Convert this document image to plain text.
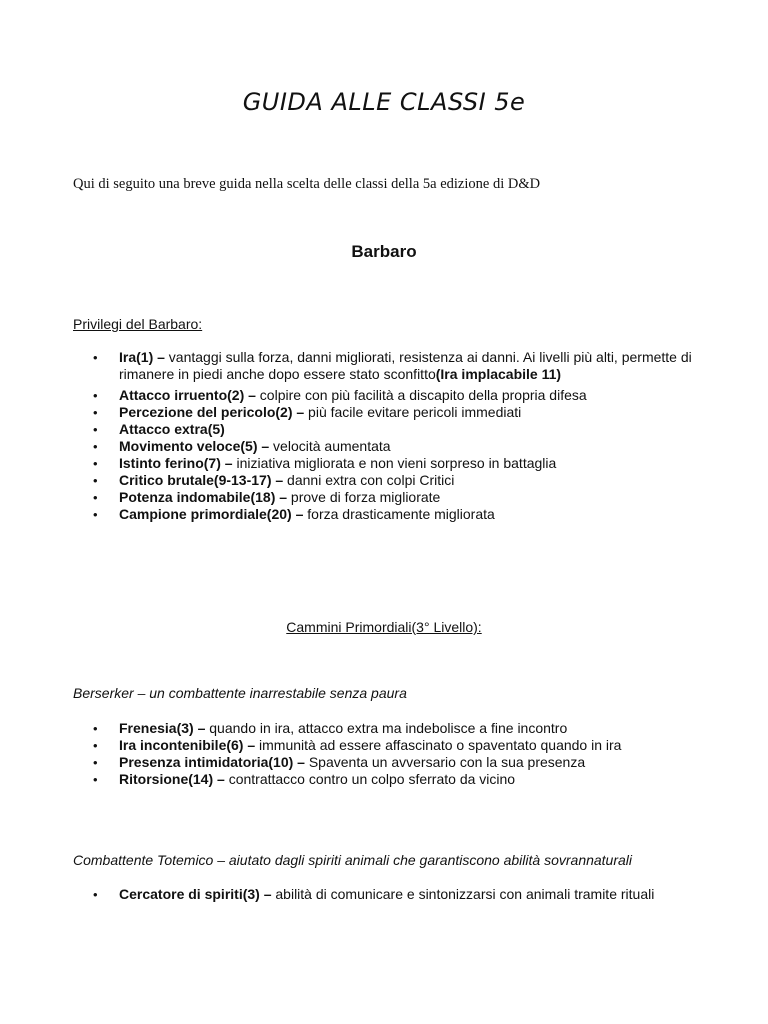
GUIDA ALLE CLASSI 5e

Qui di seguito una breve guida nella scelta delle classi della 5a edizione di D&D

Barbaro

Privilegi del Barbaro:

• Ira(1) – vantaggi sulla forza, danni migliorati, resistenza ai danni. Ai livelli più alti, permette di rimanere in piedi anche dopo essere stato sconfitto(Ira implacabile 11)
• Attacco irruento(2) – colpire con più facilità a discapito della propria difesa
• Percezione del pericolo(2) – più facile evitare pericoli immediati
• Attacco extra(5)
• Movimento veloce(5) – velocità aumentata
• Istinto ferino(7) – iniziativa migliorata e non vieni sorpreso in battaglia
• Critico brutale(9-13-17) – danni extra con colpi Critici
• Potenza indomabile(18) – prove di forza migliorate
• Campione primordiale(20) – forza drasticamente migliorata

Cammini Primordiali(3° Livello):

Berserker – un combattente inarrestabile senza paura

• Frenesia(3) – quando in ira, attacco extra ma indebolisce a fine incontro
• Ira incontenibile(6) – immunità ad essere affascinato o spaventato quando in ira
• Presenza intimidatoria(10) – Spaventa un avversario con la sua presenza
• Ritorsione(14) – contrattacco contro un colpo sferrato da vicino

Combattente Totemico – aiutato dagli spiriti animali che garantiscono abilità sovrannaturali

• Cercatore di spiriti(3) – abilità di comunicare e sintonizzarsi con animali tramite rituali
